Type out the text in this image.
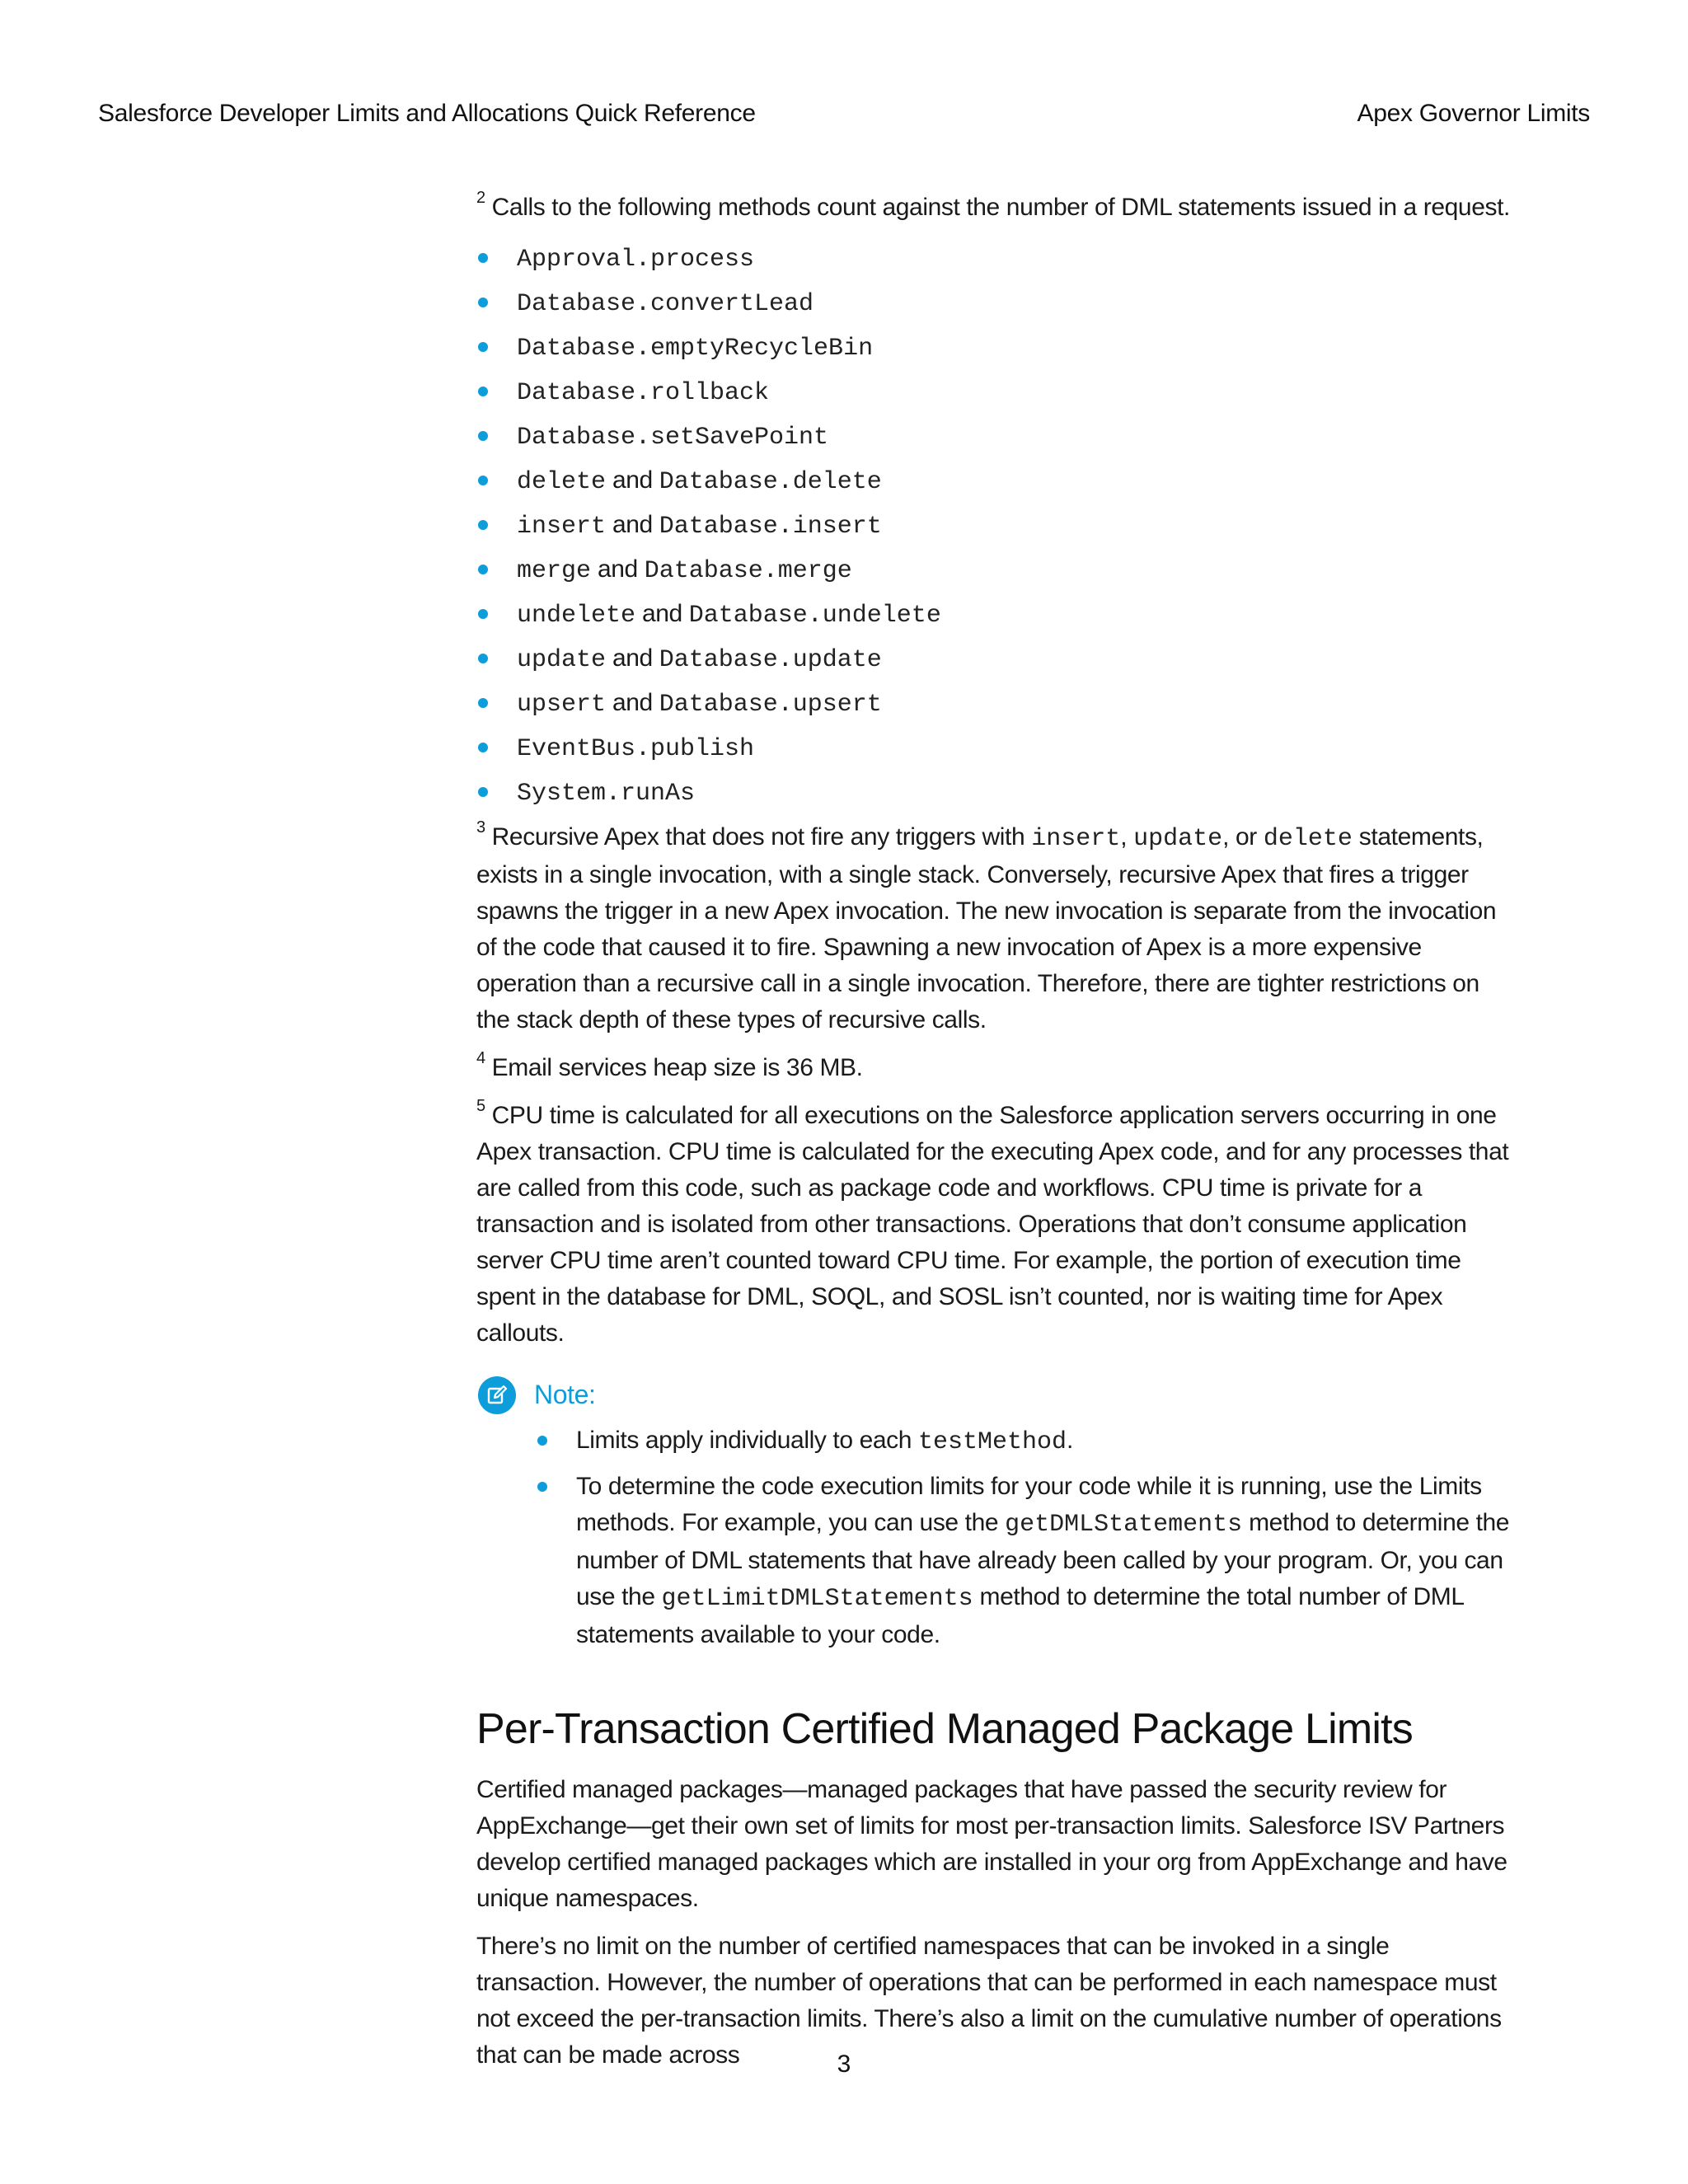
Salesforce Developer Limits and Allocations Quick Reference	Apex Governor Limits

$^2$ Calls to the following methods count against the number of DML statements issued in a request.

Approval.process
Database.convertLead
Database.emptyRecycleBin
Database.rollback
Database.setSavePoint
delete and Database.delete
insert and Database.insert
merge and Database.merge
undelete and Database.undelete
update and Database.update
upsert and Database.upsert
EventBus.publish
System.runAs

$^3$ Recursive Apex that does not fire any triggers with insert, update, or delete statements, exists in a single invocation, with a single stack. Conversely, recursive Apex that fires a trigger spawns the trigger in a new Apex invocation. The new invocation is separate from the invocation of the code that caused it to fire. Spawning a new invocation of Apex is a more expensive operation than a recursive call in a single invocation. Therefore, there are tighter restrictions on the stack depth of these types of recursive calls.

$^4$ Email services heap size is 36 MB.

$^5$ CPU time is calculated for all executions on the Salesforce application servers occurring in one Apex transaction. CPU time is calculated for the executing Apex code, and for any processes that are called from this code, such as package code and workflows. CPU time is private for a transaction and is isolated from other transactions. Operations that don’t consume application server CPU time aren’t counted toward CPU time. For example, the portion of execution time spent in the database for DML, SOQL, and SOSL isn’t counted, nor is waiting time for Apex callouts.

Note:
Limits apply individually to each testMethod.
To determine the code execution limits for your code while it is running, use the Limits methods. For example, you can use the getDMLStatements method to determine the number of DML statements that have already been called by your program. Or, you can use the getLimitDMLStatements method to determine the total number of DML statements available to your code.
Per-Transaction Certified Managed Package Limits

Certified managed packages—managed packages that have passed the security review for AppExchange—get their own set of limits for most per-transaction limits. Salesforce ISV Partners develop certified managed packages which are installed in your org from AppExchange and have unique namespaces.

There’s no limit on the number of certified namespaces that can be invoked in a single transaction. However, the number of operations that can be performed in each namespace must not exceed the per-transaction limits. There’s also a limit on the cumulative number of operations that can be made across	3
